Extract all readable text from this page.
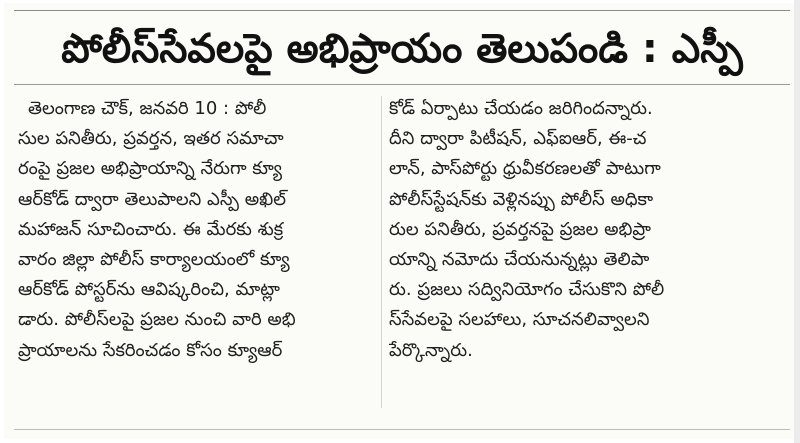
పోలీస్‌సేవలపై అభిప్రాయం తెలుపండి : ఎస్పీ
తెలంగాణ చౌక్‌, జనవరి 10 : పోలీ
సుల పనితీరు, ప్రవర్తన, ఇతర సమాచా
రంపై ప్రజల అభిప్రాయాన్ని నేరుగా క్యూ
ఆర్‌కోడ్‌ ద్వారా తెలుపాలని ఎస్పీ అఖిల్‌
మహాజన్‌ సూచించారు. ఈ మేరకు శుక్ర
వారం జిల్లా పోలీస్‌ కార్యాలయంలో క్యూ
ఆర్‌కోడ్‌ పోస్టర్‌ను ఆవిష్కరించి, మాట్లా
డారు. పోలీస్‌లపై ప్రజల నుంచి వారి అభి
ప్రాయాలను సేకరించడం కోసం క్యూఆర్‌
కోడ్‌ ఏర్పాటు చేయడం జరిగిందన్నారు.
దీని ద్వారా పిటీషన్‌, ఎఫ్‌ఐఆర్‌, ఈ-చ
లాన్‌, పాస్‌పోర్టు ధ్రువీకరణలతో పాటుగా
పోలీస్‌స్టేషన్‌కు వెళ్లినప్పు పోలీస్‌ అధికా
రుల పనితీరు, ప్రవర్తనపై ప్రజల అభిప్రా
యాన్ని నమోదు చేయనున్నట్లు తెలిపా
రు. ప్రజలు సద్వినియోగం చేసుకొని పోలీ
స్‌సేవలపై సలహాలు, సూచనలివ్వాలని
పేర్కొన్నారు.
